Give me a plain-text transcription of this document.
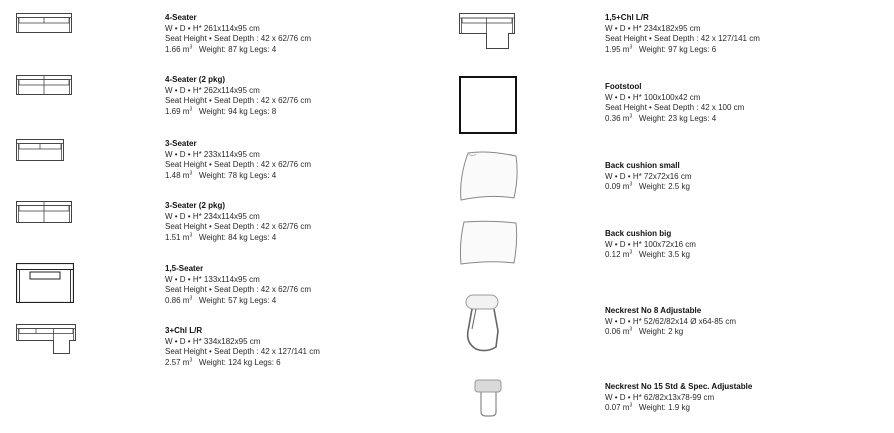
4-Seater
W • D • H* 261x114x95 cm
Seat Height • Seat Depth : 42 x 62/76 cm
1.66 $m^3$ Weight: 87 kg Legs: 4
4-Seater (2 pkg)
W • D • H* 262x114x95 cm
Seat Height • Seat Depth : 42 x 62/76 cm
1.69 $m^3$ Weight: 94 kg Legs: 8
3-Seater
W • D • H* 233x114x95 cm
Seat Height • Seat Depth : 42 x 62/76 cm
1.48 $m^3$ Weight: 78 kg Legs: 4
3-Seater (2 pkg)
W • D • H* 234x114x95 cm
Seat Height • Seat Depth : 42 x 62/76 cm
1.51 $m^3$ Weight: 84 kg Legs: 4
1,5-Seater
W • D • H* 133x114x95 cm
Seat Height • Seat Depth : 42 x 62/76 cm
0.86 $m^3$ Weight: 57 kg Legs: 4
3+Chl L/R
W • D • H* 334x182x95 cm
Seat Height • Seat Depth : 42 x 127/141 cm
2.57 $m^3$ Weight: 124 kg Legs: 6
1,5+Chl L/R
W • D • H* 234x182x95 cm
Seat Height • Seat Depth : 42 x 127/141 cm
1.95 $m^3$ Weight: 97 kg Legs: 6
Footstool
W • D • H* 100x100x42 cm
Seat Height • Seat Depth : 42 x 100 cm
0.36 $m^3$ Weight: 23 kg Legs: 4
Back cushion small
W • D • H* 72x72x16 cm
0.09 $m^3$ Weight: 2.5 kg
Back cushion big
W • D • H* 100x72x16 cm
0.12 $m^3$ Weight: 3.5 kg
Neckrest No 8 Adjustable
W • D • H* 52/62/82x14 Ø x64-85 cm
0.06 $m^3$ Weight: 2 kg
Neckrest No 15 Std & Spec. Adjustable
W • D • H* 62/82x13x78-99 cm
0.07 $m^3$ Weight: 1.9 kg
